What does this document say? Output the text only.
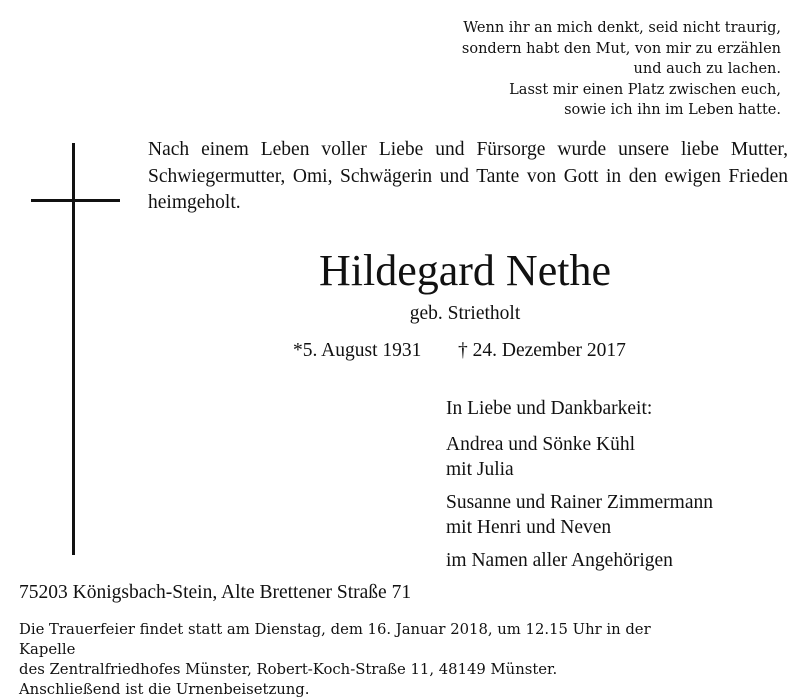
Wenn ihr an mich denkt, seid nicht traurig,
sondern habt den Mut, von mir zu erzählen
und auch zu lachen.
Lasst mir einen Platz zwischen euch,
sowie ich ihn im Leben hatte.
Nach einem Leben voller Liebe und Fürsorge wurde unsere liebe Mutter, Schwiegermutter, Omi, Schwägerin und Tante von Gott in den ewigen Frieden heimgeholt.
Hildegard Nethe
geb. Strietholt
*5. August 1931 † 24. Dezember 2017
In Liebe und Dankbarkeit:
Andrea und Sönke Kühl
mit Julia
Susanne und Rainer Zimmermann
mit Henri und Neven
im Namen aller Angehörigen
75203 Königsbach-Stein, Alte Brettener Straße 71
Die Trauerfeier findet statt am Dienstag, dem 16. Januar 2018, um 12.15 Uhr in der Kapelle
des Zentralfriedhofes Münster, Robert-Koch-Straße 11, 48149 Münster.
Anschließend ist die Urnenbeisetzung.
